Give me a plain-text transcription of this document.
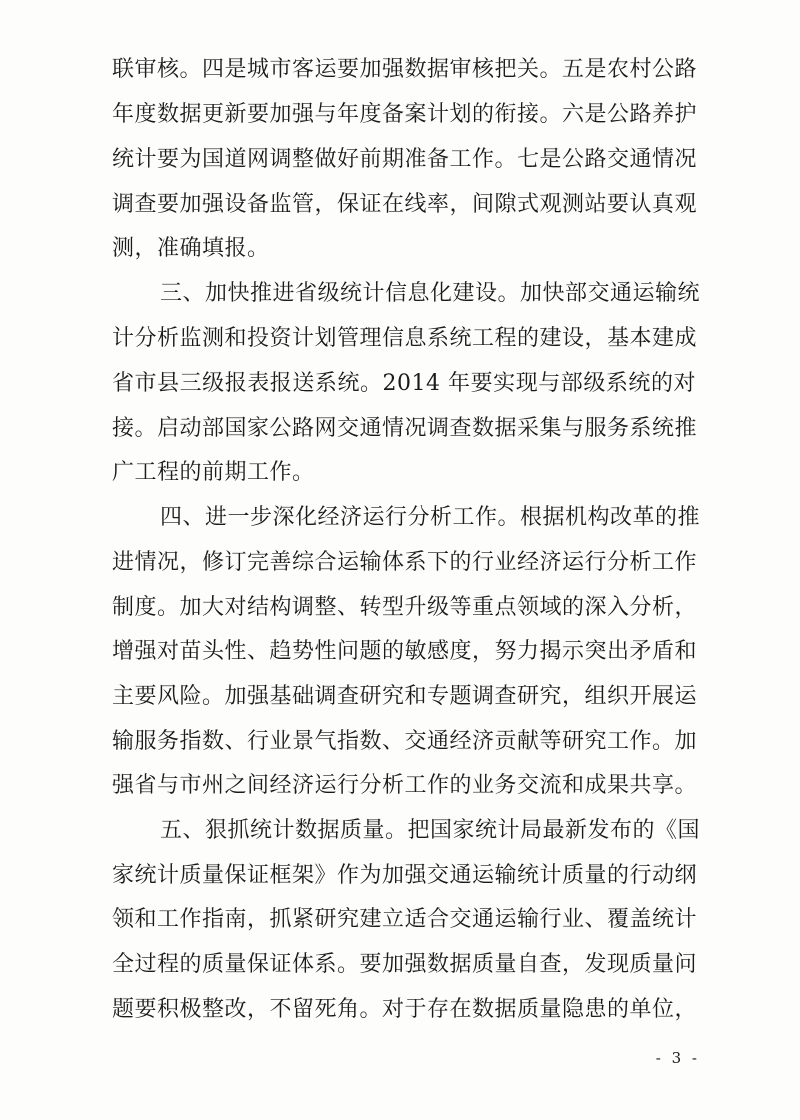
联审核。四是城市客运要加强数据审核把关。五是农村公路
年度数据更新要加强与年度备案计划的衔接。六是公路养护
统计要为国道网调整做好前期准备工作。七是公路交通情况
调查要加强设备监管，保证在线率，间隙式观测站要认真观
测，准确填报。
三、加快推进省级统计信息化建设。加快部交通运输统
计分析监测和投资计划管理信息系统工程的建设，基本建成
省市县三级报表报送系统。2014 年要实现与部级系统的对
接。启动部国家公路网交通情况调查数据采集与服务系统推
广工程的前期工作。
四、进一步深化经济运行分析工作。根据机构改革的推
进情况，修订完善综合运输体系下的行业经济运行分析工作
制度。加大对结构调整、转型升级等重点领域的深入分析，
增强对苗头性、趋势性问题的敏感度，努力揭示突出矛盾和
主要风险。加强基础调查研究和专题调查研究，组织开展运
输服务指数、行业景气指数、交通经济贡献等研究工作。加
强省与市州之间经济运行分析工作的业务交流和成果共享。
五、狠抓统计数据质量。把国家统计局最新发布的《国
家统计质量保证框架》作为加强交通运输统计质量的行动纲
领和工作指南，抓紧研究建立适合交通运输行业、覆盖统计
全过程的质量保证体系。要加强数据质量自查，发现质量问
题要积极整改，不留死角。对于存在数据质量隐患的单位，
- 3 -
